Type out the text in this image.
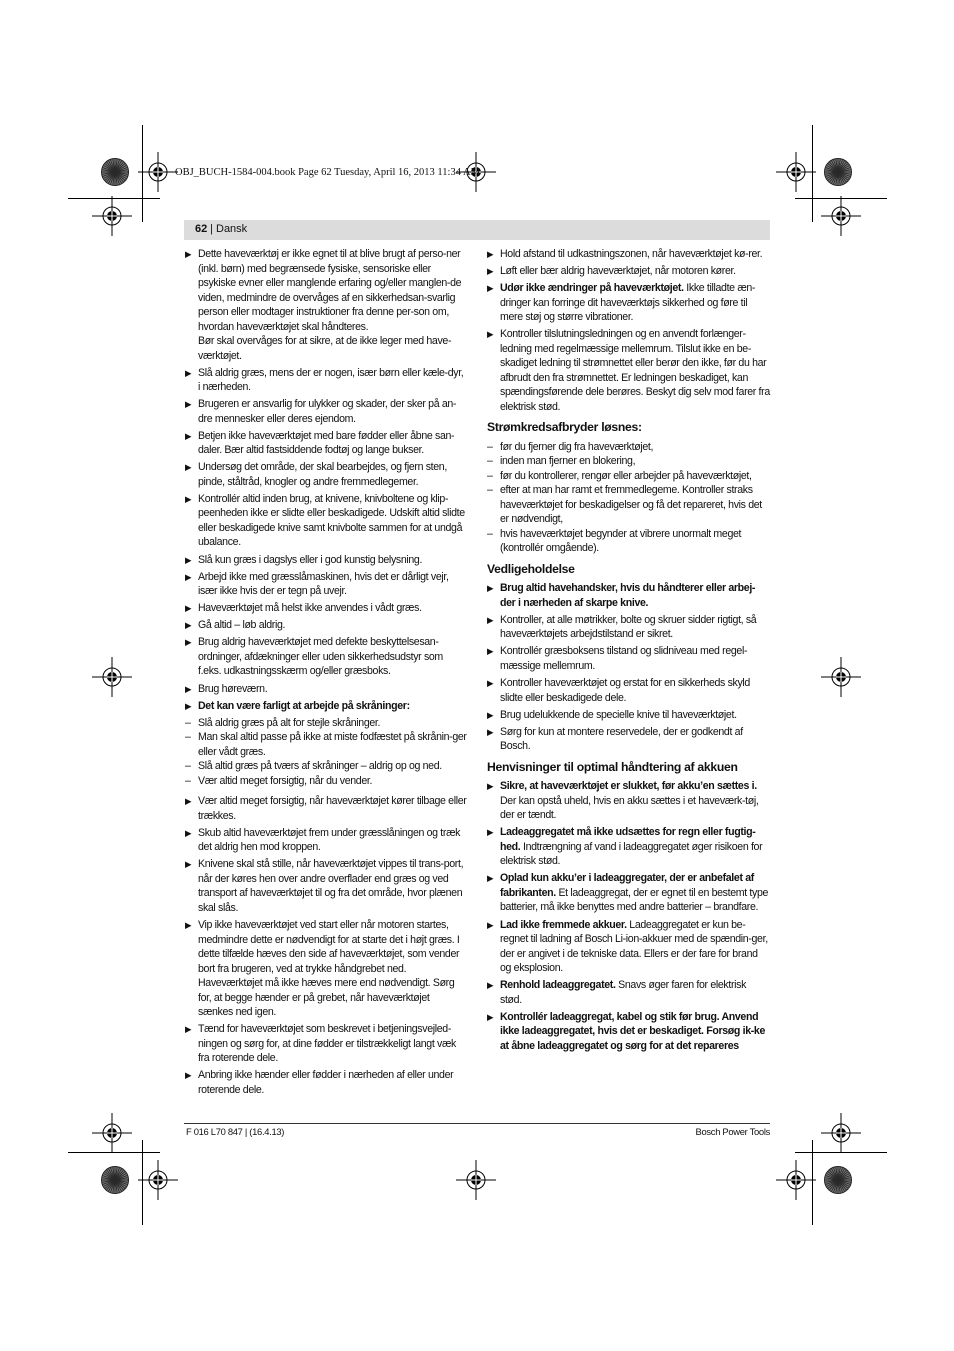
OBJ_BUCH-1584-004.book Page 62 Tuesday, April 16, 2013 11:34 AM
62 | Dansk
▶ Dette haveværktøj er ikke egnet til at blive brugt af perso-ner (inkl. børn) med begrænsede fysiske, sensoriske eller psykiske evner eller manglende erfaring og/eller manglen-de viden, medmindre de overvåges af en sikkerhedsan-svarlig person eller modtager instruktioner fra denne per-son om, hvordan haveværktøjet skal håndteres.
Bør skal overvåges for at sikre, at de ikke leger med have-værktøjet.
▶ Slå aldrig græs, mens der er nogen, især børn eller kæle-dyr, i nærheden.
▶ Brugeren er ansvarlig for ulykker og skader, der sker på an-dre mennesker eller deres ejendom.
▶ Betjen ikke haveværktøjet med bare fødder eller åbne san-daler. Bær altid fastsiddende fodtøj og lange bukser.
▶ Undersøg det område, der skal bearbejdes, og fjern sten, pinde, ståltråd, knogler og andre fremmedlegemer.
▶ Kontrollér altid inden brug, at knivene, knivboltene og klip-peenheden ikke er slidte eller beskadigede. Udskift altid slidte eller beskadigede knive samt knivbolte sammen for at undgå ubalance.
▶ Slå kun græs i dagslys eller i god kunstig belysning.
▶ Arbejd ikke med græsslåmaskinen, hvis det er dårligt vejr, især ikke hvis der er tegn på uvejr.
▶ Haveværktøjet må helst ikke anvendes i vådt græs.
▶ Gå altid – løb aldrig.
▶ Brug aldrig haveværktøjet med defekte beskyttelsesan-ordninger, afdækninger eller uden sikkerhedsudstyr som f.eks. udkastningsskærm og/eller græsboks.
▶ Brug høreværn.
▶ Det kan være farligt at arbejde på skråninger:
– Slå aldrig græs på alt for stejle skråninger.
– Man skal altid passe på ikke at miste fodfæstet på skrånin-ger eller vådt græs.
– Slå altid græs på tværs af skråninger – aldrig op og ned.
– Vær altid meget forsigtig, når du vender.
▶ Vær altid meget forsigtig, når haveværktøjet kører tilbage eller trækkes.
▶ Skub altid haveværktøjet frem under græsslåningen og træk det aldrig hen mod kroppen.
▶ Knivene skal stå stille, når haveværktøjet vippes til trans-port, når der køres hen over andre overflader end græs og ved transport af haveværktøjet til og fra det område, hvor plænen skal slås.
▶ Vip ikke haveværktøjet ved start eller når motoren startes, medmindre dette er nødvendigt for at starte det i højt græs. I dette tilfælde hæves den side af haveværktøjet, som vender bort fra brugeren, ved at trykke håndgrebet ned. Haveværktøjet må ikke hæves mere end nødvendigt. Sørg for, at begge hænder er på grebet, når haveværktøjet sænkes ned igen.
▶ Tænd for haveværktøjet som beskrevet i betjeningsvejled-ningen og sørg for, at dine fødder er tilstrækkeligt langt væk fra roterende dele.
▶ Anbring ikke hænder eller fødder i nærheden af eller under roterende dele.
▶ Hold afstand til udkastningszonen, når haveværktøjet kø-rer.
▶ Løft eller bær aldrig haveværktøjet, når motoren kører.
▶ Udør ikke ændringer på haveværktøjet. Ikke tilladte æn-dringer kan forringe dit haveværktøjs sikkerhed og føre til mere støj og større vibrationer.
▶ Kontroller tilslutningsledningen og en anvendt forlænger-ledning med regelmæssige mellemrum. Tilslut ikke en be-skadiget ledning til strømnettet eller berør den ikke, før du har afbrudt den fra strømnettet. Er ledningen beskadiget, kan spændingsførende dele berøres. Beskyt dig selv mod farer fra elektrisk stød.
Strømkredsafbryder løsnes:
– før du fjerner dig fra haveværktøjet,
– inden man fjerner en blokering,
– før du kontrollerer, rengør eller arbejder på haveværktøjet,
– efter at man har ramt et fremmedlegeme. Kontroller straks haveværktøjet for beskadigelser og få det repareret, hvis det er nødvendigt,
– hvis haveværktøjet begynder at vibrere unormalt meget (kontrollér omgående).
Vedligeholdelse
▶ Brug altid havehandsker, hvis du håndterer eller arbej-der i nærheden af skarpe knive.
▶ Kontroller, at alle møtrikker, bolte og skruer sidder rigtigt, så haveværktøjets arbejdstilstand er sikret.
▶ Kontrollér græsboksens tilstand og slidniveau med regel-mæssige mellemrum.
▶ Kontroller haveværktøjet og erstat for en sikkerheds skyld slidte eller beskadigede dele.
▶ Brug udelukkende de specielle knive til haveværktøjet.
▶ Sørg for kun at montere reservedele, der er godkendt af Bosch.
Henvisninger til optimal håndtering af akkuen
▶ Sikre, at haveværktøjet er slukket, før akku’en sættes i. Der kan opstå uheld, hvis en akku sættes i et haveværk-tøj, der er tændt.
▶ Ladeaggregatet må ikke udsættes for regn eller fugtig-hed. Indtrængning af vand i ladeaggregatet øger risikoen for elektrisk stød.
▶ Oplad kun akku’er i ladeaggregater, der er anbefalet af fabrikanten. Et ladeaggregat, der er egnet til en bestemt type batterier, må ikke benyttes med andre batterier – brandfare.
▶ Lad ikke fremmede akkuer. Ladeaggregatet er kun be-regnet til ladning af Bosch Li-ion-akkuer med de spændin-ger, der er angivet i de tekniske data. Ellers er der fare for brand og eksplosion.
▶ Renhold ladeaggregatet. Snavs øger faren for elektrisk stød.
▶ Kontrollér ladeaggregat, kabel og stik før brug. Anvend ikke ladeaggregatet, hvis det er beskadiget. Forsøg ik-ke at åbne ladeaggregatet og sørg for at det repareres
F 016 L70 847 | (16.4.13)	Bosch Power Tools
